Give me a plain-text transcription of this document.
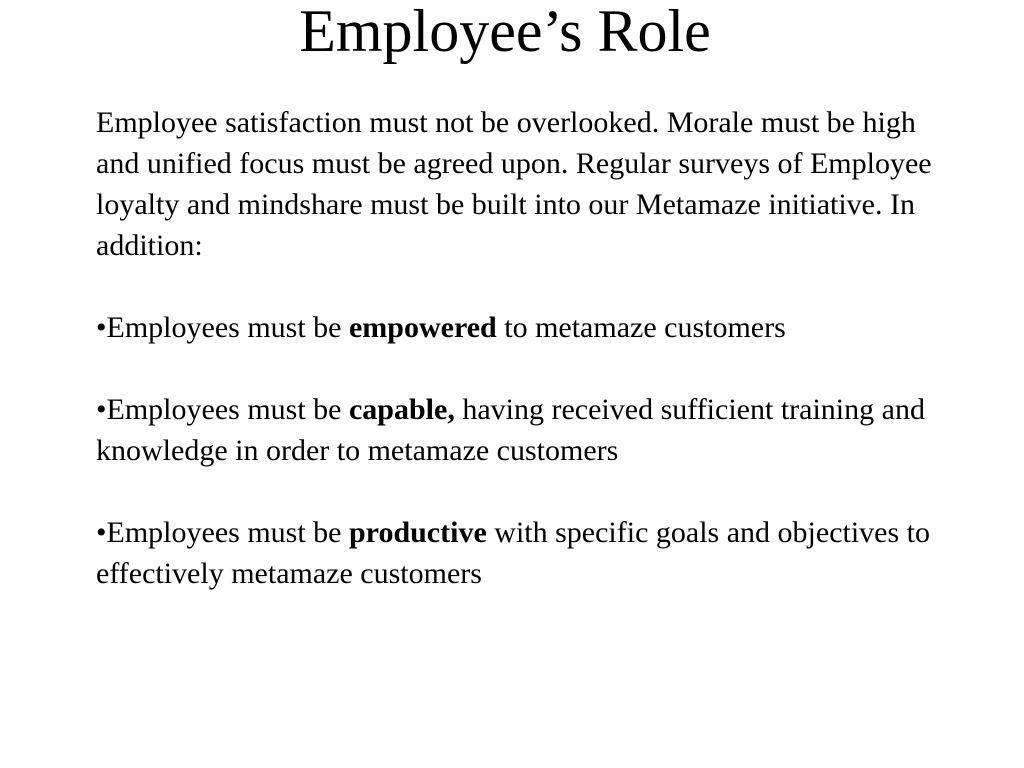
Employee’s Role

Employee satisfaction must not be overlooked. Morale must be high and unified focus must be agreed upon. Regular surveys of Employee loyalty and mindshare must be built into our Metamaze initiative. In addition:

•Employees must be empowered to metamaze customers

•Employees must be capable, having received sufficient training and knowledge in order to metamaze customers

•Employees must be productive with specific goals and objectives to effectively metamaze customers
